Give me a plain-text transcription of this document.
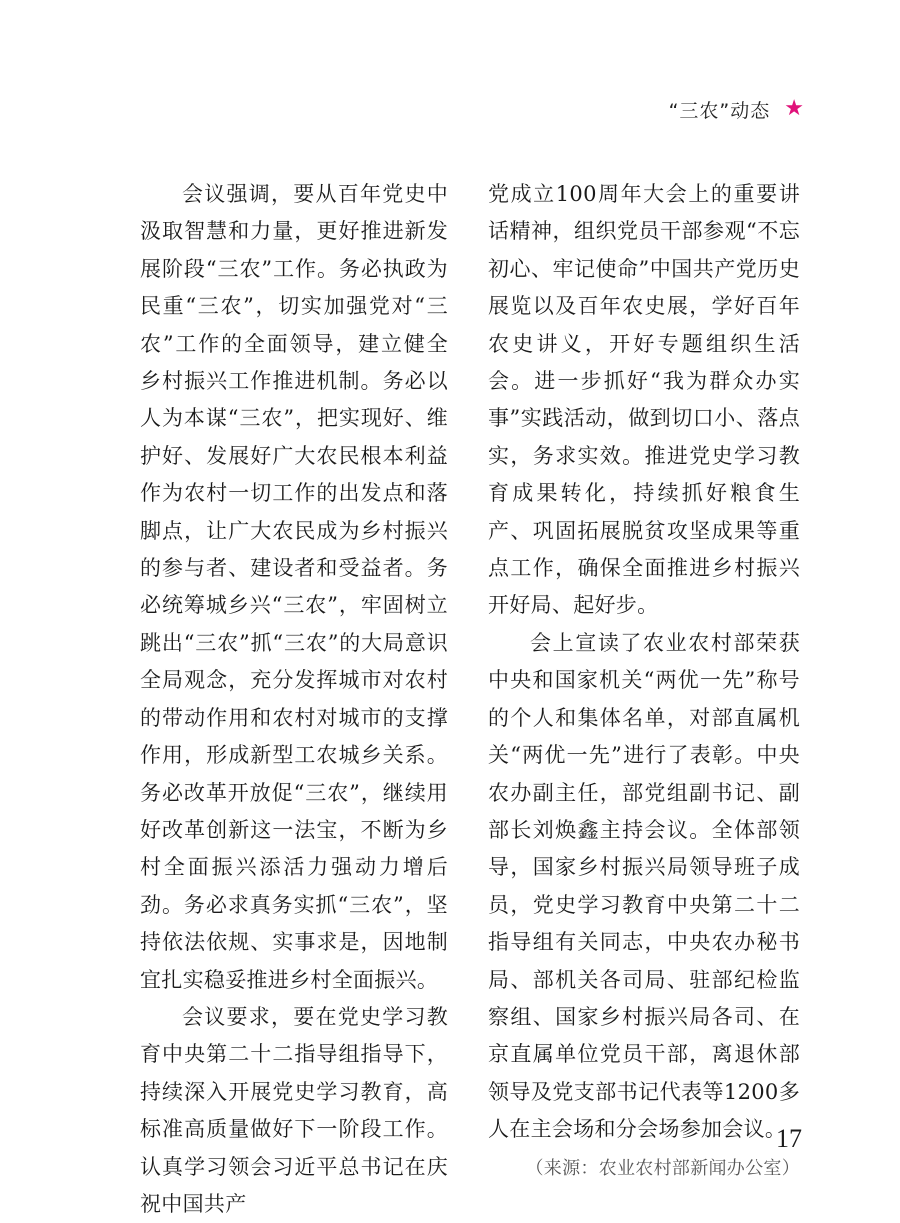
“三农”动态 ★

会议强调，要从百年党史中汲取智慧和力量，更好推进新发展阶段“三农”工作。务必执政为民重“三农”，切实加强党对“三农”工作的全面领导，建立健全乡村振兴工作推进机制。务必以人为本谋“三农”，把实现好、维护好、发展好广大农民根本利益作为农村一切工作的出发点和落脚点，让广大农民成为乡村振兴的参与者、建设者和受益者。务必统筹城乡兴“三农”，牢固树立跳出“三农”抓“三农”的大局意识全局观念，充分发挥城市对农村的带动作用和农村对城市的支撑作用，形成新型工农城乡关系。务必改革开放促“三农”，继续用好改革创新这一法宝，不断为乡村全面振兴添活力强动力增后劲。务必求真务实抓“三农”，坚持依法依规、实事求是，因地制宜扎实稳妥推进乡村全面振兴。

会议要求，要在党史学习教育中央第二十二指导组指导下，持续深入开展党史学习教育，高标准高质量做好下一阶段工作。认真学习领会习近平总书记在庆祝中国共产

党成立100周年大会上的重要讲话精神，组织党员干部参观“不忘初心、牢记使命”中国共产党历史展览以及百年农史展，学好百年农史讲义，开好专题组织生活会。进一步抓好“我为群众办实事”实践活动，做到切口小、落点实，务求实效。推进党史学习教育成果转化，持续抓好粮食生产、巩固拓展脱贫攻坚成果等重点工作，确保全面推进乡村振兴开好局、起好步。

会上宣读了农业农村部荣获中央和国家机关“两优一先”称号的个人和集体名单，对部直属机关“两优一先”进行了表彰。中央农办副主任，部党组副书记、副部长刘焕鑫主持会议。全体部领导，国家乡村振兴局领导班子成员，党史学习教育中央第二十二指导组有关同志，中央农办秘书局、部机关各司局、驻部纪检监察组、国家乡村振兴局各司、在京直属单位党员干部，离退休部领导及党支部书记代表等1200多人在主会场和分会场参加会议。

（来源：农业农村部新闻办公室）

17
